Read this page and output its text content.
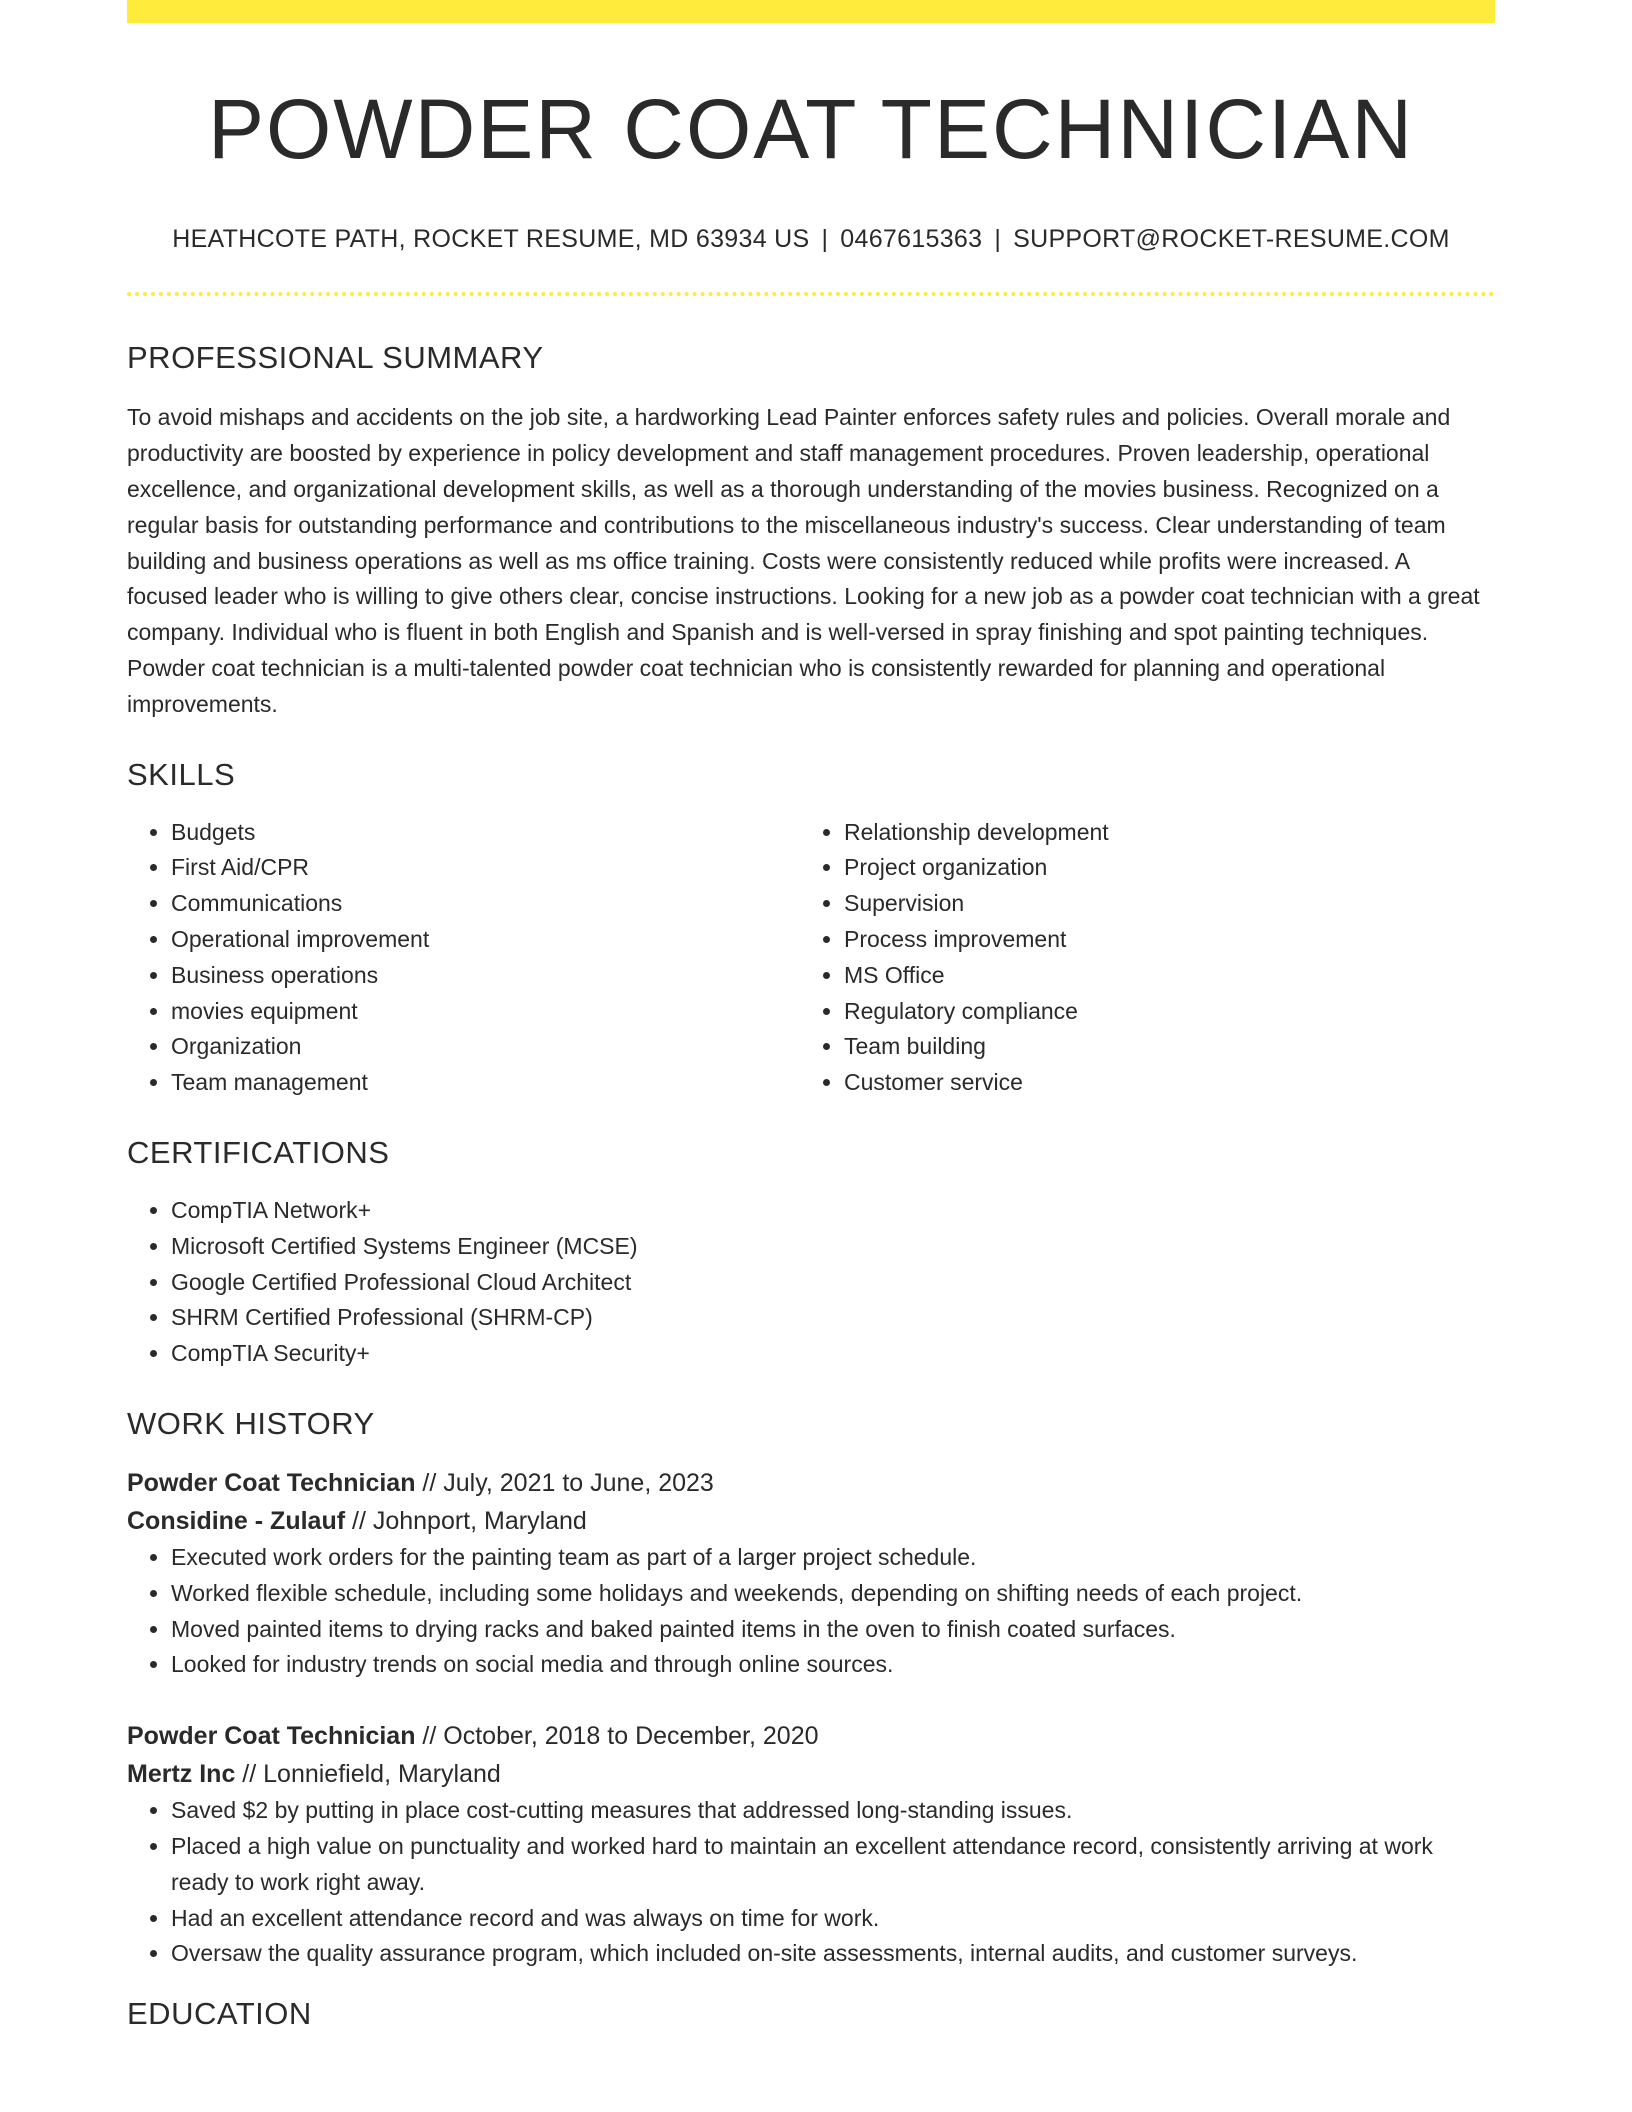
POWDER COAT TECHNICIAN
HEATHCOTE PATH, ROCKET RESUME, MD 63934 US | 0467615363 | SUPPORT@ROCKET-RESUME.COM
PROFESSIONAL SUMMARY

To avoid mishaps and accidents on the job site, a hardworking Lead Painter enforces safety rules and policies. Overall morale and productivity are boosted by experience in policy development and staff management procedures. Proven leadership, operational excellence, and organizational development skills, as well as a thorough understanding of the movies business. Recognized on a regular basis for outstanding performance and contributions to the miscellaneous industry's success. Clear understanding of team building and business operations as well as ms office training. Costs were consistently reduced while profits were increased. A focused leader who is willing to give others clear, concise instructions. Looking for a new job as a powder coat technician with a great company. Individual who is fluent in both English and Spanish and is well-versed in spray finishing and spot painting techniques. Powder coat technician is a multi-talented powder coat technician who is consistently rewarded for planning and operational improvements.

SKILLS
• Budgets
• First Aid/CPR
• Communications
• Operational improvement
• Business operations
• movies equipment
• Organization
• Team management
• Relationship development
• Project organization
• Supervision
• Process improvement
• MS Office
• Regulatory compliance
• Team building
• Customer service
CERTIFICATIONS
• CompTIA Network+
• Microsoft Certified Systems Engineer (MCSE)
• Google Certified Professional Cloud Architect
• SHRM Certified Professional (SHRM-CP)
• CompTIA Security+
WORK HISTORY
Powder Coat Technician // July, 2021 to June, 2023
Considine - Zulauf // Johnport, Maryland
• Executed work orders for the painting team as part of a larger project schedule.
• Worked flexible schedule, including some holidays and weekends, depending on shifting needs of each project.
• Moved painted items to drying racks and baked painted items in the oven to finish coated surfaces.
• Looked for industry trends on social media and through online sources.
Powder Coat Technician // October, 2018 to December, 2020
Mertz Inc // Lonniefield, Maryland
• Saved $2 by putting in place cost-cutting measures that addressed long-standing issues.
• Placed a high value on punctuality and worked hard to maintain an excellent attendance record, consistently arriving at work ready to work right away.
• Had an excellent attendance record and was always on time for work.
• Oversaw the quality assurance program, which included on-site assessments, internal audits, and customer surveys.
EDUCATION
